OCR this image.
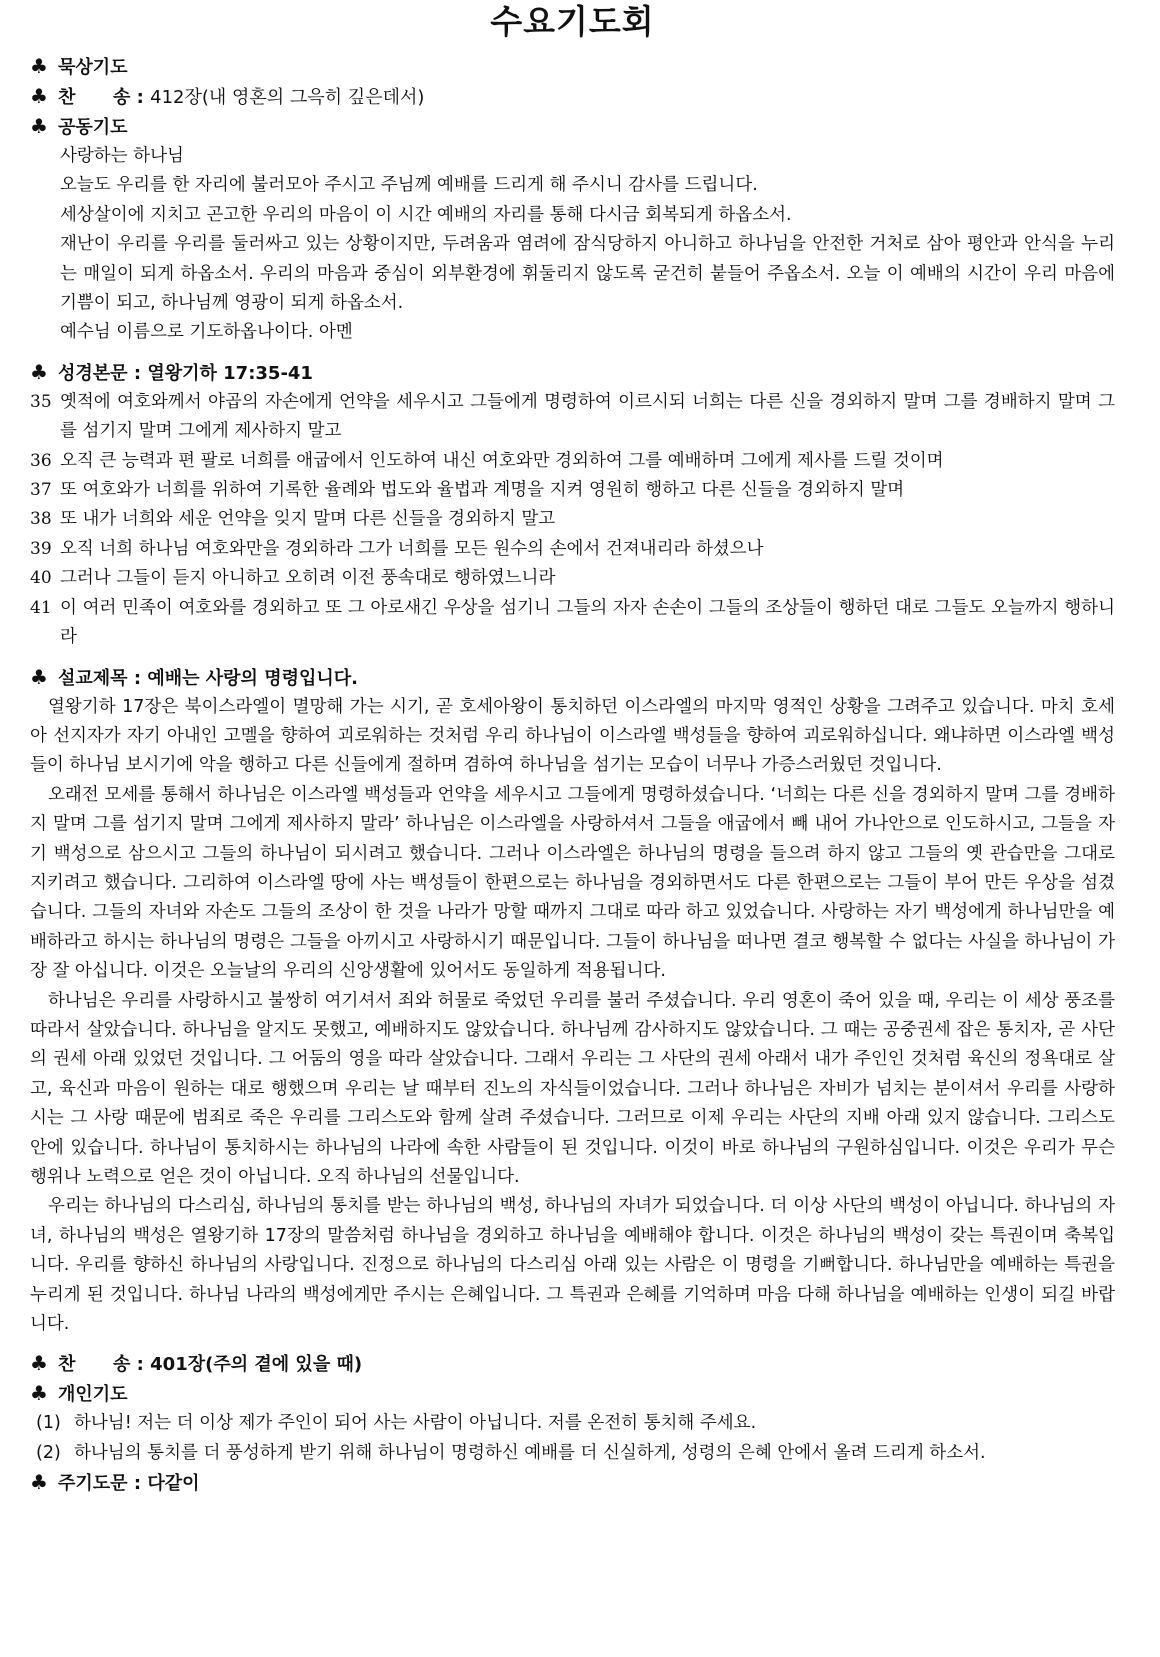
수요기도회
♣ 묵상기도
♣ 찬      송 : 412장(내 영혼의 그윽히 깊은데서)
♣ 공동기도
사랑하는 하나님
오늘도 우리를 한 자리에 불러모아 주시고 주님께 예배를 드리게 해 주시니 감사를 드립니다.
세상살이에 지치고 곤고한 우리의 마음이 이 시간 예배의 자리를 통해 다시금 회복되게 하옵소서.
재난이 우리를 우리를 둘러싸고 있는 상황이지만, 두려움과 염려에 잠식당하지 아니하고 하나님을 안전한 거처로 삼아 평안과 안식을 누리는 매일이 되게 하옵소서. 우리의 마음과 중심이 외부환경에 휘둘리지 않도록 굳건히 붙들어 주옵소서. 오늘 이 예배의 시간이 우리 마음에 기쁨이 되고, 하나님께 영광이 되게 하옵소서.
예수님 이름으로 기도하옵나이다. 아멘
♣ 성경본문 : 열왕기하 17:35-41
35 옛적에 여호와께서 야곱의 자손에게 언약을 세우시고 그들에게 명령하여 이르시되 너희는 다른 신을 경외하지 말며 그를 경배하지 말며 그를 섬기지 말며 그에게 제사하지 말고
36 오직 큰 능력과 편 팔로 너희를 애굽에서 인도하여 내신 여호와만 경외하여 그를 예배하며 그에게 제사를 드릴 것이며
37 또 여호와가 너희를 위하여 기록한 율례와 법도와 율법과 계명을 지켜 영원히 행하고 다른 신들을 경외하지 말며
38 또 내가 너희와 세운 언약을 잊지 말며 다른 신들을 경외하지 말고
39 오직 너희 하나님 여호와만을 경외하라 그가 너희를 모든 원수의 손에서 건져내리라 하셨으나
40 그러나 그들이 듣지 아니하고 오히려 이전 풍속대로 행하였느니라
41 이 여러 민족이 여호와를 경외하고 또 그 아로새긴 우상을 섬기니 그들의 자자 손손이 그들의 조상들이 행하던 대로 그들도 오늘까지 행하니라
♣ 설교제목 : 예배는 사랑의 명령입니다.
열왕기하 17장은 북이스라엘이 멸망해 가는 시기, 곧 호세아왕이 통치하던 이스라엘의 마지막 영적인 상황을 그려주고 있습니다. 마치 호세아 선지자가 자기 아내인 고멜을 향하여 괴로워하는 것처럼 우리 하나님이 이스라엘 백성들을 향하여 괴로워하십니다. 왜냐하면 이스라엘 백성들이 하나님 보시기에 악을 행하고 다른 신들에게 절하며 겸하여 하나님을 섬기는 모습이 너무나 가증스러웠던 것입니다.
오래전 모세를 통해서 하나님은 이스라엘 백성들과 언약을 세우시고 그들에게 명령하셨습니다. ‘너희는 다른 신을 경외하지 말며 그를 경배하지 말며 그를 섬기지 말며 그에게 제사하지 말라’ 하나님은 이스라엘을 사랑하셔서 그들을 애굽에서 빼 내어 가나안으로 인도하시고, 그들을 자기 백성으로 삼으시고 그들의 하나님이 되시려고 했습니다. 그러나 이스라엘은 하나님의 명령을 들으려 하지 않고 그들의 옛 관습만을 그대로 지키려고 했습니다. 그리하여 이스라엘 땅에 사는 백성들이 한편으로는 하나님을 경외하면서도 다른 한편으로는 그들이 부어 만든 우상을 섬겼습니다. 그들의 자녀와 자손도 그들의 조상이 한 것을 나라가 망할 때까지 그대로 따라 하고 있었습니다. 사랑하는 자기 백성에게 하나님만을 예배하라고 하시는 하나님의 명령은 그들을 아끼시고 사랑하시기 때문입니다. 그들이 하나님을 떠나면 결코 행복할 수 없다는 사실을 하나님이 가장 잘 아십니다. 이것은 오늘날의 우리의 신앙생활에 있어서도 동일하게 적용됩니다.
하나님은 우리를 사랑하시고 불쌍히 여기셔서 죄와 허물로 죽었던 우리를 불러 주셨습니다. 우리 영혼이 죽어 있을 때, 우리는 이 세상 풍조를 따라서 살았습니다. 하나님을 알지도 못했고, 예배하지도 않았습니다. 하나님께 감사하지도 않았습니다. 그 때는 공중권세 잡은 통치자, 곧 사단의 권세 아래 있었던 것입니다. 그 어둠의 영을 따라 살았습니다. 그래서 우리는 그 사단의 권세 아래서 내가 주인인 것처럼 육신의 정욕대로 살고, 육신과 마음이 원하는 대로 행했으며 우리는 날 때부터 진노의 자식들이었습니다. 그러나 하나님은 자비가 넘치는 분이셔서 우리를 사랑하시는 그 사랑 때문에 범죄로 죽은 우리를 그리스도와 함께 살려 주셨습니다. 그러므로 이제 우리는 사단의 지배 아래 있지 않습니다. 그리스도 안에 있습니다. 하나님이 통치하시는 하나님의 나라에 속한 사람들이 된 것입니다. 이것이 바로 하나님의 구원하심입니다. 이것은 우리가 무슨 행위나 노력으로 얻은 것이 아닙니다. 오직 하나님의 선물입니다.
우리는 하나님의 다스리심, 하나님의 통치를 받는 하나님의 백성, 하나님의 자녀가 되었습니다. 더 이상 사단의 백성이 아닙니다. 하나님의 자녀, 하나님의 백성은 열왕기하 17장의 말씀처럼 하나님을 경외하고 하나님을 예배해야 합니다. 이것은 하나님의 백성이 갖는 특권이며 축복입니다. 우리를 향하신 하나님의 사랑입니다. 진정으로 하나님의 다스리심 아래 있는 사람은 이 명령을 기뻐합니다. 하나님만을 예배하는 특권을 누리게 된 것입니다. 하나님 나라의 백성에게만 주시는 은혜입니다. 그 특권과 은혜를 기억하며 마음 다해 하나님을 예배하는 인생이 되길 바랍니다.
♣ 찬      송 : 401장(주의 곁에 있을 때)
♣ 개인기도
(1) 하나님! 저는 더 이상 제가 주인이 되어 사는 사람이 아닙니다. 저를 온전히 통치해 주세요.
(2) 하나님의 통치를 더 풍성하게 받기 위해 하나님이 명령하신 예배를 더 신실하게, 성령의 은혜 안에서 올려 드리게 하소서.
♣ 주기도문 : 다같이
